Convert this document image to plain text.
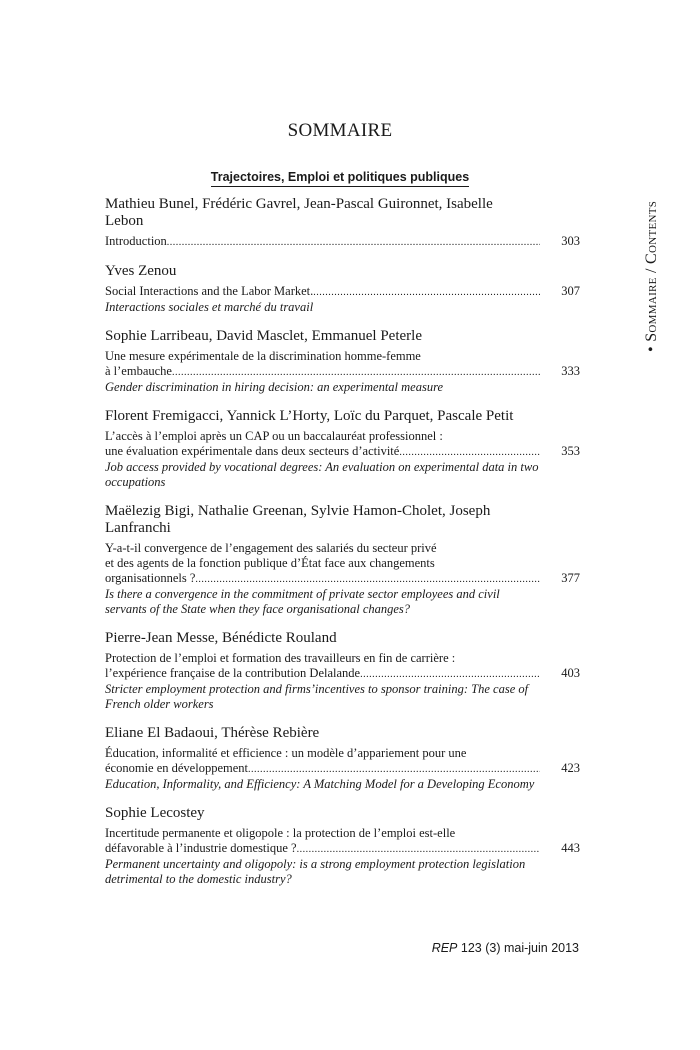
SOMMAIRE
Trajectoires, Emploi et politiques publiques
Mathieu Bunel, Frédéric Gavrel, Jean-Pascal Guironnet, Isabelle Lebon
Introduction .....	303
Yves Zenou
Social Interactions and the Labor Market. .....	307
Interactions sociales et marché du travail
Sophie Larribeau, David Masclet, Emmanuel Peterle
Une mesure expérimentale de la discrimination homme-femme
à l’embauche .....	333
Gender discrimination in hiring decision: an experimental measure
Florent Fremigacci, Yannick L’Horty, Loïc du Parquet, Pascale Petit
L’accès à l’emploi après un CAP ou un baccalauréat professionnel :
une évaluation expérimentale dans deux secteurs d’activité .....	353
Job access provided by vocational degrees: An evaluation on experimental data in two occupations
Maëlezig Bigi, Nathalie Greenan, Sylvie Hamon-Cholet, Joseph Lanfranchi
Y-a-t-il convergence de l’engagement des salariés du secteur privé
et des agents de la fonction publique d’État face aux changements
organisationnels ? .....	377
Is there a convergence in the commitment of private sector employees and civil servants of the State when they face organisational changes?
Pierre-Jean Messe, Bénédicte Rouland
Protection de l’emploi et formation des travailleurs en fin de carrière :
l’expérience française de la contribution Delalande .....	403
Stricter employment protection and firms’incentives to sponsor training: The case of French older workers
Eliane El Badaoui, Thérèse Rebière
Éducation, informalité et efficience : un modèle d’appariement pour une
économie en développement .....	423
Education, Informality, and Efficiency: A Matching Model for a Developing Economy
Sophie Lecostey
Incertitude permanente et oligopole : la protection de l’emploi est-elle
défavorable à l’industrie domestique ? .....	443
Permanent uncertainty and oligopoly: is a strong employment protection legislation detrimental to the domestic industry?
• Sommaire / Contents
REP 123 (3) mai-juin 2013
